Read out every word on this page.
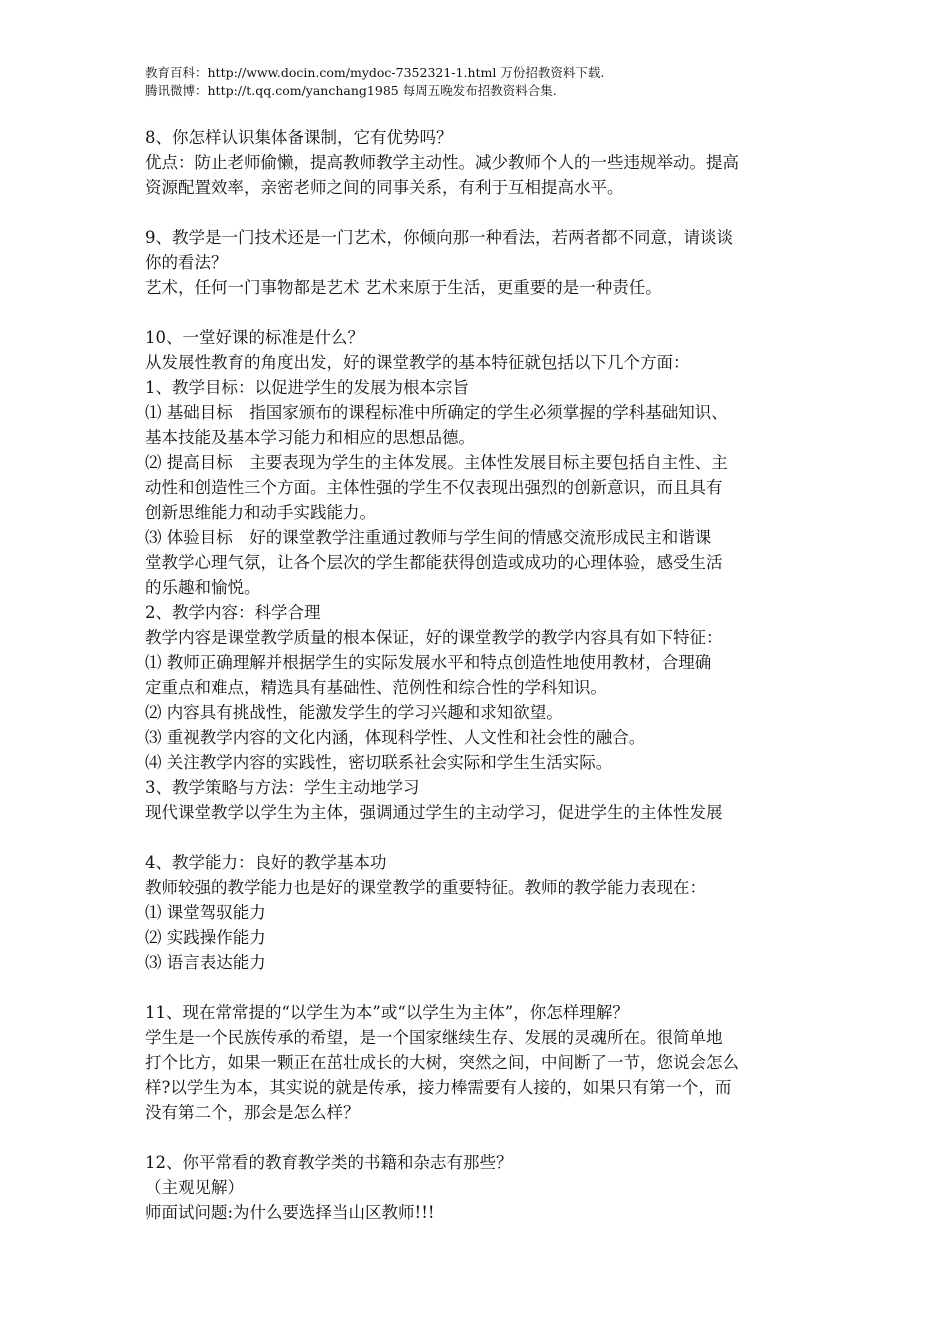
教育百科：http://www.docin.com/mydoc-7352321-1.html 万份招教资料下载.
腾讯微博：http://t.qq.com/yanchang1985 每周五晚发布招教资料合集.
8、你怎样认识集体备课制，它有优势吗？
优点：防止老师偷懒，提高教师教学主动性。减少教师个人的一些违规举动。提高
资源配置效率，亲密老师之间的同事关系，有利于互相提高水平。
9、教学是一门技术还是一门艺术，你倾向那一种看法，若两者都不同意，请谈谈
你的看法？
艺术，任何一门事物都是艺术 艺术来原于生活，更重要的是一种责任。
10、一堂好课的标准是什么？
从发展性教育的角度出发，好的课堂教学的基本特征就包括以下几个方面：
1、教学目标：以促进学生的发展为根本宗旨
⑴ 基础目标　指国家颁布的课程标准中所确定的学生必须掌握的学科基础知识、
基本技能及基本学习能力和相应的思想品德。
⑵ 提高目标　主要表现为学生的主体发展。主体性发展目标主要包括自主性、主
动性和创造性三个方面。主体性强的学生不仅表现出强烈的创新意识，而且具有
创新思维能力和动手实践能力。
⑶ 体验目标　好的课堂教学注重通过教师与学生间的情感交流形成民主和谐课
堂教学心理气氛，让各个层次的学生都能获得创造或成功的心理体验，感受生活
的乐趣和愉悦。
2、教学内容：科学合理
教学内容是课堂教学质量的根本保证，好的课堂教学的教学内容具有如下特征：
⑴ 教师正确理解并根据学生的实际发展水平和特点创造性地使用教材，合理确
定重点和难点，精选具有基础性、范例性和综合性的学科知识。
⑵ 内容具有挑战性，能激发学生的学习兴趣和求知欲望。
⑶ 重视教学内容的文化内涵，体现科学性、人文性和社会性的融合。
⑷ 关注教学内容的实践性，密切联系社会实际和学生生活实际。
3、教学策略与方法：学生主动地学习
现代课堂教学以学生为主体，强调通过学生的主动学习，促进学生的主体性发展
4、教学能力：良好的教学基本功
教师较强的教学能力也是好的课堂教学的重要特征。教师的教学能力表现在：
⑴ 课堂驾驭能力
⑵ 实践操作能力
⑶ 语言表达能力
11、现在常常提的“以学生为本”或“以学生为主体”，你怎样理解？
学生是一个民族传承的希望，是一个国家继续生存、发展的灵魂所在。很简单地
打个比方，如果一颗正在茁壮成长的大树，突然之间，中间断了一节，您说会怎么
样?以学生为本，其实说的就是传承，接力棒需要有人接的，如果只有第一个，而
没有第二个，那会是怎么样？
12、你平常看的教育教学类的书籍和杂志有那些？
（主观见解）
师面试问题:为什么要选择当山区教师!!!
